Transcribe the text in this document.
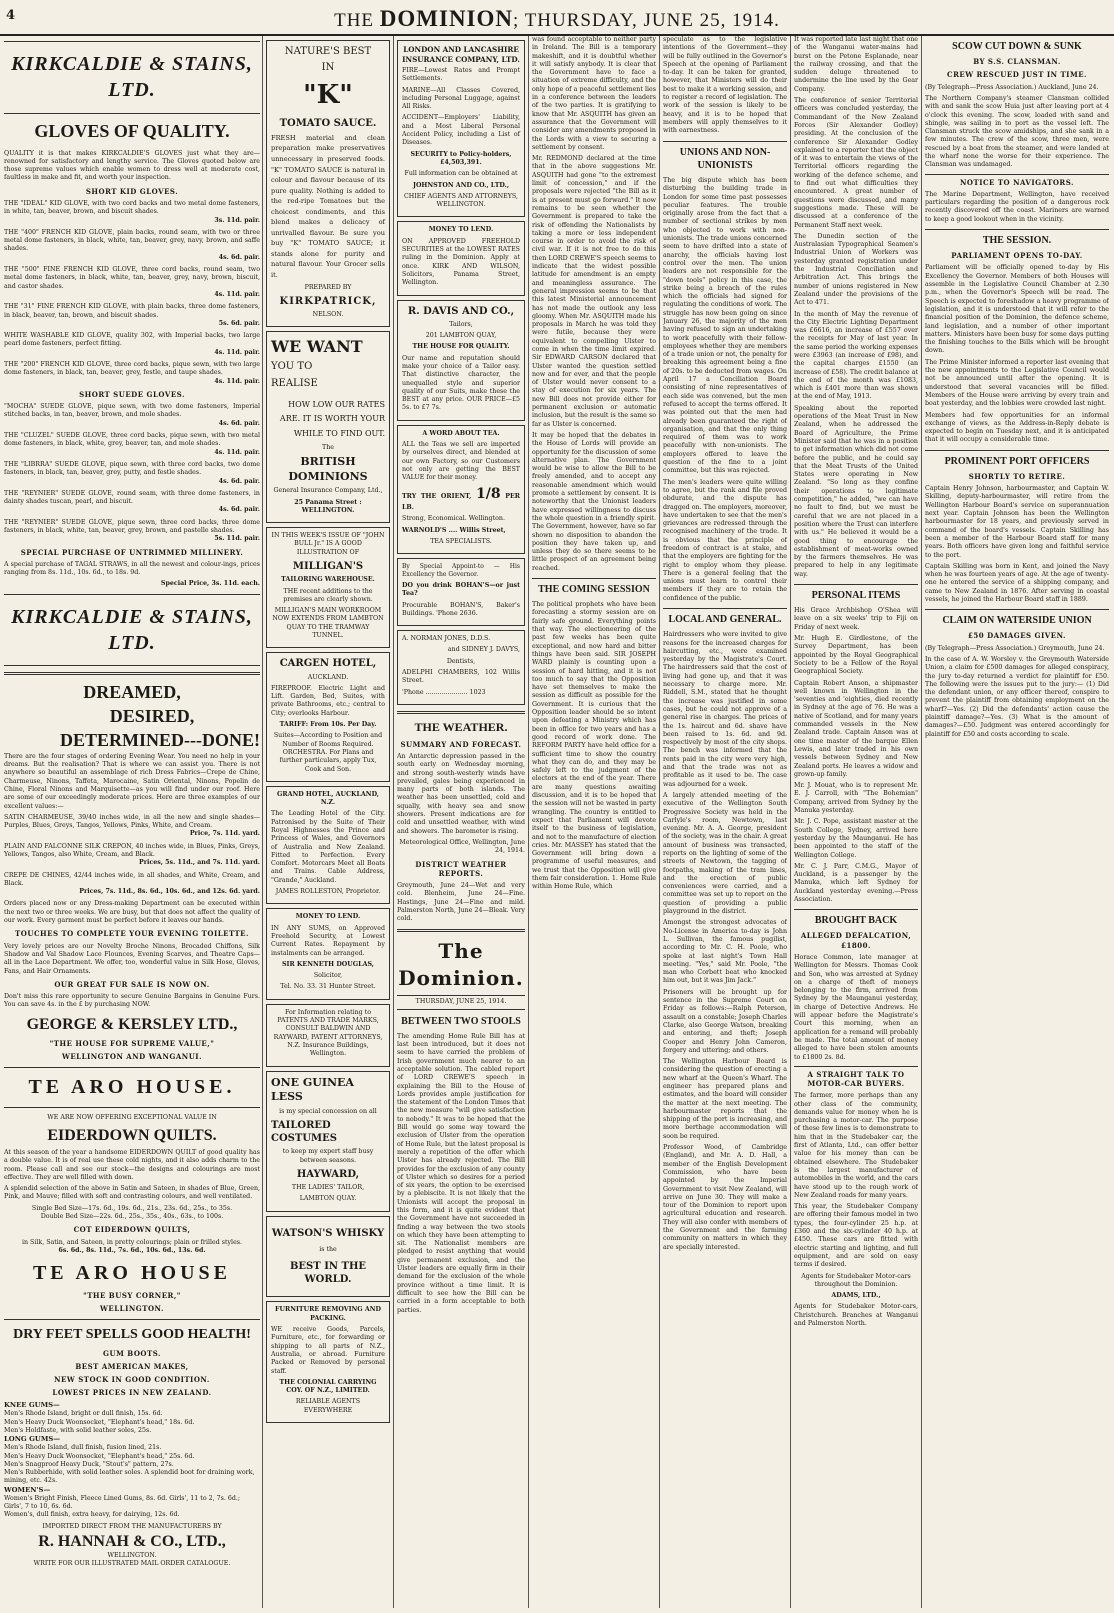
4	THE DOMINION; THURSDAY, JUNE 25, 1914.
KIRKCALDIE & STAINS, LTD.
GLOVES OF QUALITY.

QUALITY it is that makes KIRKCALDIE'S GLOVES just what they are—renowned for satisfactory and lengthy service. The Gloves quoted below are those supreme values which enable women to dress well at moderate cost, faultless in make and fit, and worth your inspection.

SHORT KID GLOVES.
THE "IDEAL" KID GLOVE, with two cord backs and two metal dome fasteners, in white, tan, beaver, brown, and biscuit shades.
3s. 11d. pair.
THE "400" FRENCH KID GLOVE, plain backs, round seam, with two or three metal dome fasteners, in black, white, tan, beaver, grey, navy, brown, and saffe shades.
4s. 6d. pair.
THE "500" FINE FRENCH KID GLOVE, three cord backs, round seam, two metal dome fasteners, in black, white, tan, beaver, grey, navy, brown, biscuit, and castor shades.
4s. 11d. pair.
THE "31" FINE FRENCH KID GLOVE, with plain backs, three dome fasteners, in black, beaver, tan, brown, and biscuit shades.
5s. 6d. pair.
WHITE WASHABLE KID GLOVE, quality 302, with Imperial backs, two large pearl dome fasteners, perfect fitting.
4s. 11d. pair.
THE "200" FRENCH KID GLOVE, three cord backs, pique sewn, with two large dome fasteners, in black, tan, beaver, grey, festle, and taupe shades.
4s. 11d. pair.
SHORT SUEDE GLOVES.
"MOCHA" SUEDE GLOVE, pique sewn, with two dome fasteners, Imperial stitched backs, in tan, beaver, brown, and mole shades.
4s. 6d. pair.
THE "CLUZEL" SUEDE GLOVE, three cord backs, pique sewn, with two metal dome fasteners, in black, white, grey, beaver, tan, and mole shades.
4s. 11d. pair.
THE "LIBRRA" SUEDE GLOVE, pique sewn, with three cord backs, two dome fasteners, in black, tan, beaver, grey, putty, and festle shades.
4s. 6d. pair.
THE "REYNIER" SUEDE GLOVE, round seam, with three dome fasteners, in dainty shades tuscan, pearl, and biscuit.
4s. 6d. pair.
THE "REYNIER" SUEDE GLOVE, pique sewn, three cord backs, three dome fasteners, in black, white, tan, beaver, grey, brown, and pastelle shades.
5s. 11d. pair.
SPECIAL PURCHASE OF UNTRIMMED MILLINERY.

A special purchase of TAGAL STRAWS, in all the newest and colour-ings, prices ranging from 8s. 11d., 10s. 6d., to 18s. 9d.

Special Price, 3s. 11d. each.
KIRKCALDIE & STAINS, LTD.
DREAMED,
DESIRED,
DETERMINED---DONE!

There are the four stages of ordering Evening Wear. You need no help in your dreams. But the realisation? That is where we can assist you. There is not anywhere so beautiful an assemblage of rich Dress Fabrics—Crepe de Chine, Charmeuse, Ninons, Taffeta, Marocaine, Satin Oriental, Ninons, Popelin de Chine, Floral Ninons and Marquisette—as you will find under our roof. Here are some of our exceedingly moderate prices. Here are three examples of our excellent values:—

SATIN CHARMEUSE, 39/40 inches wide, in all the new and single shades—Purples, Blues, Greys, Tangos, Yellows, Pinks, White, and Cream.
Price, 7s. 11d. yard.
PLAIN AND FALCONNE SILK CREPON, 40 inches wide, in Blues, Pinks, Greys, Yellows, Tangos, also White, Cream, and Black.
Prices, 5s. 11d., and 7s. 11d. yard.
CREPE DE CHINES, 42/44 inches wide, in all shades, and White, Cream, and Black.
Prices, 7s. 11d., 8s. 6d., 10s. 6d., and 12s. 6d. yard.

Orders placed now or any Dress-making Department can be executed within the next two or three weeks. We are busy, but that does not affect the quality of our work. Every garment must be perfect before it leaves our hands.

TOUCHES TO COMPLETE YOUR EVENING TOILETTE.

Very lovely prices are our Novelty Broche Ninons, Brocaded Chiffons, Silk Shadow and Val Shadow Lace Flounces, Evening Scarves, and Theatre Caps—all in the Lace Department. We offer, too, wonderful value in Silk Hose, Gloves, Fans, and Hair Ornaments.

OUR GREAT FUR SALE IS NOW ON.

Don't miss this rare opportunity to secure Genuine Bargains in Genuine Furs. You can save 4s. in the £ by purchasing NOW.

GEORGE & KERSLEY LTD.,
"THE HOUSE FOR SUPREME VALUE,"
WELLINGTON AND WANGANUI.
TE ARO HOUSE.
WE ARE NOW OFFERING EXCEPTIONAL VALUE IN
EIDERDOWN QUILTS.

At this season of the year a handsome EIDERDOWN QUILT of good quality has a double value. It is of real use these cold nights, and it also adds charm to the room. Please call and see our stock—the designs and colourings are most effective. They are well filled with down.

A splendid selection of the above in Satin and Sateen, in shades of Blue, Green, Pink, and Mauve; filled with soft and contrasting colours, and well ventilated.

Single Bed Size—17s. 6d., 19s. 6d., 21s., 23s. 6d., 25s., to 35s.
Double Bed Size—22s. 6d., 25s., 35s., 40s., 63s., to 100s.
COT EIDERDOWN QUILTS,
in Silk, Satin, and Sateen, in pretty colourings; plain or frilled styles.
6s. 6d., 8s. 11d., 7s. 6d., 10s. 6d., 13s. 6d.
TE ARO HOUSE
"THE BUSY CORNER,"
WELLINGTON.
DRY FEET SPELLS GOOD HEALTH!
GUM BOOTS.
BEST AMERICAN MAKES,
NEW STOCK IN GOOD CONDITION.
LOWEST PRICES IN NEW ZEALAND.
KNEE GUMS—
Men's Rhode Island, bright or dull finish, 15s. 6d.
Men's Heavy Duck Woonsocket, "Elephant's head," 18s. 6d.
Men's Holdfaste, with solid leather soles, 25s.
LONG GUMS—
Men's Rhode Island, dull finish, fusion lined, 21s.
Men's Heavy Duck Woonsocket, "Elephant's head," 25s. 6d.
Men's Snagproof Heavy Duck, "Stout's" pattern, 27s.
Men's Rubberhide, with solid leather soles. A splendid boot for draining work, mining, etc. 42s.
WOMEN'S—
Women's Bright Finish, Fleece Lined Gums, 8s. 6d. Girls', 11 to 2, 7s. 6d.; Girls', 7 to 10, 6s. 6d.
Women's, dull finish, extra heavy, for dairying, 12s. 6d.
IMPORTED DIRECT FROM THE MANUFACTURERS BY
R. HANNAH & CO., LTD.,
WELLINGTON.
WRITE FOR OUR ILLUSTRATED MAIL ORDER CATALOGUE.

NATURE'S BEST

IN

"K"

TOMATO SAUCE.

FRESH material and clean preparation make preservatives unnecessary in preserved foods. "K" TOMATO SAUCE is natural in colour and flavour because of its pure quality. Nothing is added to the red-ripe Tomatoes but the choicest condiments, and this blend makes a delicacy of unrivalled flavour. Be sure you buy "K" TOMATO SAUCE; it stands alone for purity and natural flavour. Your Grocer sells it.

PREPARED BY

KIRKPATRICK,

NELSON.

WE WANT

YOU TO

REALISE

HOW LOW OUR RATES ARE. IT IS WORTH YOUR WHILE TO FIND OUT.

The

BRITISH DOMINIONS

General Insurance Company, Ltd.,

25 Panama Street : WELLINGTON.

IN THIS WEEK'S ISSUE OF "JOHN BULL Jr." IS A GOOD ILLUSTRATION OF

MILLIGAN'S

TAILORING WAREHOUSE.

THE recent additions to the premises are clearly shown.

MILLIGAN'S MAIN WORKROOM NOW EXTENDS FROM LAMBTON QUAY TO THE TRAMWAY TUNNEL.

CARGEN HOTEL,

AUCKLAND.

FIREPROOF. Electric Light and Lift. Garden, Bed, Suites, with private Bathrooms, etc.; central to City; overlooks Harbour.

TARIFF: From 10s. Per Day.

Suites—According to Position and Number of Rooms Required. ORCHESTRA. For Plans and further particulars, apply Tux, Cook and Son.

GRAND HOTEL, AUCKLAND, N.Z.

The Leading Hotel of the City. Patronised by the Suite of Their Royal Highnesses the Prince and Princess of Wales, and Governors of Australia and New Zealand. Fitted to Perfection. Every Comfort. Motorcars Meet all Boats and Trains. Cable Address, "Grande," Auckland.

JAMES ROLLESTON, Proprietor.

MONEY TO LEND.

IN ANY SUMS, on Approved Freehold Security, at Lowest Current Rates. Repayment by instalments can be arranged.

SIR KENNETH DOUGLAS,

Solicitor,

Tel. No. 33. 31 Hunter Street.

For Information relating to PATENTS AND TRADE MARKS, CONSULT BALDWIN AND RAYWARD, PATENT ATTORNEYS, N.Z. Insurance Buildings, Wellington.

ONE GUINEA LESS

is my special concession on all

TAILORED COSTUMES

to keep my expert staff busy between seasons.

HAYWARD,

THE LADIES' TAILOR,

LAMBTON QUAY.

WATSON'S WHISKY

is the

BEST IN THE WORLD.

FURNITURE REMOVING AND PACKING.

WE receive Goods, Parcels, Furniture, etc., for forwarding or shipping to all parts of N.Z., Australia, or abroad. Furniture Packed or Removed by personal staff.

THE COLONIAL CARRYING COY. OF N.Z., LIMITED.

RELIABLE AGENTS EVERYWHERE

LONDON AND LANCASHIRE INSURANCE COMPANY, LTD.

FIRE—Lowest Rates and Prompt Settlements.

MARINE—All Classes Covered, including Personal Luggage, against All Risks.

ACCIDENT—Employers' Liability, and a Most Liberal Personal Accident Policy, including a List of Diseases.

SECURITY to Policy-holders, £4,503,391.

Full information can be obtained at

JOHNSTON AND CO., LTD.,

CHIEF AGENTS AND ATTORNEYS, WELLINGTON.

MONEY TO LEND.

ON APPROVED FREEHOLD SECURITIES at the LOWEST RATES ruling in the Dominion. Apply at once. KIRK AND WILSON, Solicitors, Panama Street, Wellington.

R. DAVIS AND CO.,

Tailors,

201 LAMBTON QUAY,

THE HOUSE FOR QUALITY.

Our name and reputation should make your choice of a Tailor easy. That distinctive character, the unequalled style and superior quality of our Suits, make these the BEST at any price. OUR PRICE—£5 5s. to £7 7s.

A WORD ABOUT TEA.

ALL the Teas we sell are imported by ourselves direct, and blended at our own Factory, so our Customers not only are getting the BEST VALUE for their money.

TRY THE ORIENT, 1/8 PER LB.

Strong, Economical. Wellington.

WARNOLD'S .... Willis Street,

TEA SPECIALISTS.

By Special Appoint-to — His Excellency the Governor.

DO you drink BOHAN'S—or just Tea?

Procurable BOHAN'S, Baker's Buildings. 'Phone 2636.

A. NORMAN JONES, D.D.S.

and SIDNEY J. DAVYS,

Dentists,

ADELPHI CHAMBERS, 102 Willis Street.

'Phone ..................... 1023

THE WEATHER.
SUMMARY AND FORECAST.

An Antarctic depression passed in the south early on Wednesday morning, and strong south-westerly winds have prevailed, gales being experienced in many parts of both islands. The weather has been unsettled, cold and squally, with heavy sea and snow showers. Present indications are for cold and unsettled weather, with wind and showers. The barometer is rising.

Meteorological Office, Wellington, June 24, 1914.

DISTRICT WEATHER REPORTS.

Greymouth, June 24—Wet and very cold. Blenheim, June 24—Fine. Hastings, June 24—Fine and mild. Palmerston North, June 24—Bleak. Very cold.

The Dominion.
THURSDAY, JUNE 25, 1914.
BETWEEN TWO STOOLS

The amending Home Rule Bill has at last been introduced, but it does not seem to have carried the problem of Irish government much nearer to an acceptable solution. The cabled report of LORD CREWE'S speech in explaining the Bill to the House of Lords provides ample justification for the statement of the London Times that the new measure "will give satisfaction to nobody." It was to be hoped that the Bill would go some way toward the exclusion of Ulster from the operation of Home Rule, but the latest proposal is merely a repetition of the offer which Ulster has already rejected. The Bill provides for the exclusion of any county of Ulster which so desires for a period of six years, the option to be exercised by a plebiscite. It is not likely that the Unionists will accept the proposal in this form, and it is quite evident that the Government have not succeeded in finding a way between the two stools on which they have been attempting to sit. The Nationalist members are pledged to resist anything that would give permanent exclusion, and the Ulster leaders are equally firm in their demand for the exclusion of the whole province without a time limit. It is difficult to see how the Bill can be carried in a form acceptable to both parties.

was found acceptable to neither party in Ireland. The Bill is a temporary makeshift, and it is doubtful whether it will satisfy anybody. It is clear that the Government have to face a situation of extreme difficulty, and the only hope of a peaceful settlement lies in a conference between the leaders of the two parties. It is gratifying to know that Mr. ASQUITH has given an assurance that the Government will consider any amendments proposed in the Lords with a view to securing a settlement by consent.

Mr. REDMOND declared at the time that in the above suggestions Mr. ASQUITH had gone "to the extremest limit of concession," and if the proposals were rejected "the Bill as it is at present must go forward." It now remains to be seen whether the Government is prepared to take the risk of offending the Nationalists by taking a more or less independent course in order to avoid the risk of civil war. If it is not free to do this then LORD CREWE'S speech seems to indicate that the widest possible latitude for amendment is an empty and meaningless assurance. The general impression seems to be that this latest Ministerial announcement has not made the outlook any less gloomy. When Mr. ASQUITH made his proposals in March he was told they were futile, because they were equivalent to compelling Ulster to come in when the time limit expired. Sir EDWARD CARSON declared that Ulster wanted the question settled now and for ever, and that the people of Ulster would never consent to a stay of execution for six years. The new Bill does not provide either for permanent exclusion or automatic inclusion, but the result is the same so far as Ulster is concerned.

It may be hoped that the debates in the House of Lords will provide an opportunity for the discussion of some alternative plan. The Government would be wise to allow the Bill to be freely amended, and to accept any reasonable amendment which would promote a settlement by consent. It is noteworthy that the Unionist leaders have expressed willingness to discuss the whole question in a friendly spirit. The Government, however, have so far shown no disposition to abandon the position they have taken up, and unless they do so there seems to be little prospect of an agreement being reached.

THE COMING SESSION

The political prophets who have been forecasting a stormy session are on fairly safe ground. Everything points that way. The electioneering of the past few weeks has been quite exceptional, and now hard and bitter things have been said. SIR JOSEPH WARD plainly is counting upon a session of hard hitting, and it is not too much to say that the Opposition have set themselves to make the session as difficult as possible for the Government. It is curious that the Opposition leader should be so intent upon defeating a Ministry which has been in office for two years and has a good record of work done. The REFORM PARTY have held office for a sufficient time to show the country what they can do, and they may be safely left to the judgment of the electors at the end of the year. There are many questions awaiting discussion, and it is to be hoped that the session will not be wasted in party wrangling. The country is entitled to expect that Parliament will devote itself to the business of legislation, and not to the manufacture of election cries. Mr. MASSEY has stated that the Government will bring down a programme of useful measures, and we trust that the Opposition will give them fair consideration. 1. Home Rule within Home Rule, which

speculate as to the legislative intentions of the Government—they will be fully outlined in the Governor's Speech at the opening of Parliament to-day. It can be taken for granted, however, that Ministers will do their best to make it a working session, and to register a record of legislation. The work of the session is likely to be heavy, and it is to be hoped that members will apply themselves to it with earnestness.

UNIONS AND NON-UNIONISTS

The big dispute which has been disturbing the building trade in London for some time past possesses peculiar features. The trouble originally arose from the fact that a number of sectional strikes by men who objected to work with non-unionists. The trade unions concerned seem to have drifted into a state of anarchy, the officials having lost control over the men. The union leaders are not responsible for the "down tools" policy in this case, the strike being a breach of the rules which the officials had signed for regulating the conditions of work. The struggle has now been going on since January 26, the majority of the men having refused to sign an undertaking to work peacefully with their fellow-employees whether they are members of a trade union or not, the penalty for breaking this agreement being a fine of 20s. to be deducted from wages. On April 17 a Conciliation Board consisting of nine representatives of each side was convened, but the men refused to accept the terms offered. It was pointed out that the men had already been guaranteed the right of organisation, and that the only thing required of them was to work peacefully with non-unionists. The employers offered to leave the question of the fine to a joint committee, but this was rejected.

The men's leaders were quite willing to agree, but the rank and file proved obdurate, and the dispute has dragged on. The employers, moreover, have undertaken to see that the men's grievances are redressed through the recognised machinery of the trade. It is obvious that the principle of freedom of contract is at stake, and that the employers are fighting for the right to employ whom they please. There is a general feeling that the unions must learn to control their members if they are to retain the confidence of the public.

LOCAL AND GENERAL.

Hairdressers who were invited to give reasons for the increased charges for haircutting, etc., were examined yesterday by the Magistrate's Court. The hairdressers said that the cost of living had gone up, and that it was necessary to charge more. Mr. Riddell, S.M., stated that he thought the increase was justified in some cases, but he could not approve of a general rise in charges. The prices of the 1s. haircut and 6d. shave have been raised to 1s. 6d. and 9d. respectively by most of the city shops. The bench was informed that the rents paid in the city were very high, and that the trade was not as profitable as it used to be. The case was adjourned for a week.

A largely attended meeting of the executive of the Wellington South Progressive Society was held in the Carlyle's room, Newtown, last evening. Mr. A. A. George, president of the society, was in the chair. A great amount of business was transacted, reports on the lighting of some of the streets of Newtown, the tagging of footpaths, making of the tram lines, and the erection of public conveniences were carried, and a committee was set up to report on the question of providing a public playground in the district.

Amongst the strongest advocates of No-License in America to-day is John L. Sullivan, the famous pugilist, according to Mr. C. H. Poole, who spoke at last night's Town Hall meeting. "Yes," said Mr. Poole, "the man who Corbett beat who knocked him out, but it was Jim Jack."

Prisoners will be brought up for sentence in the Supreme Court on Friday as follows:—Ralph Peterson, assault on a constable; Joseph Charles Clarke, also George Watson, breaking and entering, and theft; Joseph Cooper and Henry John Cameron, forgery and uttering; and others.

The Wellington Harbour Board is considering the question of erecting a new wharf at the Queen's Wharf. The engineer has prepared plans and estimates, and the board will consider the matter at the next meeting. The harbourmaster reports that the shipping of the port is increasing, and more berthage accommodation will soon be required.

Professor Wood, of Cambridge (England), and Mr. A. D. Hall, a member of the English Development Commission, who have been appointed by the Imperial Government to visit New Zealand, will arrive on June 30. They will make a tour of the Dominion to report upon agricultural education and research. They will also confer with members of the Government and the farming community on matters in which they are specially interested.

It was reported late last night that one of the Wanganui water-mains had burst on the Petone Esplanade, near the railway crossing, and that the sudden deluge threatened to undermine the line used by the Gear Company.

The conference of senior Territorial officers was concluded yesterday, the Commandant of the New Zealand Forces (Sir Alexander Godley) presiding. At the conclusion of the conference Sir Alexander Godley explained to a reporter that the object of it was to entertain the views of the Territorial officers regarding the working of the defence scheme, and to find out what difficulties they encountered. A great number of questions were discussed, and many suggestions made. These will be discussed at a conference of the Permanent Staff next week.

The Dunedin section of the Australasian Typographical Seamen's Industrial Union of Workers was yesterday granted registration under the Industrial Conciliation and Arbitration Act. This brings the number of unions registered in New Zealand under the provisions of the Act to 471.

In the month of May the revenue of the City Electric Lighting Department was £6616, an increase of £557 over the receipts for May of last year. In the same period the working expenses were £3963 (an increase of £98), and the capital charges £1550 (an increase of £58). The credit balance at the end of the month was £1083, which is £401 more than was shown at the end of May, 1913.

Speaking about the reported operations of the Meat Trust in New Zealand, when he addressed the Board of Agriculture, the Prime Minister said that he was in a position to get information which did not come before the public, and he could say that the Meat Trusts of the United States were operating in New Zealand. "So long as they confine their operations to legitimate competition," he added, "we can have no fault to find, but we must be careful that we are not placed in a position where the Trust can interfere with us." He believed it would be a good thing to encourage the establishment of meat-works owned by the farmers themselves. He was prepared to help in any legitimate way.

PERSONAL ITEMS

His Grace Archbishop O'Shea will leave on a six weeks' trip to Fiji on Friday of next week.

Mr. Hugh E. Girdlestone, of the Survey Department, has been appointed by the Royal Geographical Society to be a Fellow of the Royal Geographical Society.

Captain Robert Anson, a shipmaster well known in Wellington in the 'seventies and 'eighties, died recently in Sydney at the age of 76. He was a native of Scotland, and for many years commanded vessels in the New Zealand trade. Captain Anson was at one time master of the barque Ellen Lewis, and later traded in his own vessels between Sydney and New Zealand ports. He leaves a widow and grown-up family.

Mr. J. Mouat, who is to represent Mr. E. J. Carroll, with "The Bohemian" Company, arrived from Sydney by the Manuka yesterday.

Mr. J. C. Pope, assistant master at the South College, Sydney, arrived here yesterday by the Maunganui. He has been appointed to the staff of the Wellington College.

Mr. C. J. Parr, C.M.G., Mayor of Auckland, is a passenger by the Manuka, which left Sydney for Auckland yesterday evening.—Press Association.

BROUGHT BACK
ALLEGED DEFALCATION, £1800.

Horace Common, late manager at Wellington for Messrs. Thomas Cook and Son, who was arrested at Sydney on a charge of theft of moneys belonging to the firm, arrived from Sydney by the Maunganui yesterday, in charge of Detective Andrews. He will appear before the Magistrate's Court this morning, when an application for a remand will probably be made. The total amount of money alleged to have been stolen amounts to £1800 2s. 8d.

A STRAIGHT TALK TO MOTOR-CAR BUYERS.

The farmer, more perhaps than any other class of the community, demands value for money when he is purchasing a motor-car. The purpose of these few lines is to demonstrate to him that in the Studebaker car, the first of Atlanta, Ltd., can offer better value for his money than can be obtained elsewhere. The Studebaker is the largest manufacturer of automobiles in the world, and the cars have stood up to the rough work of New Zealand roads for many years.

This year, the Studebaker Company are offering their famous model in two types, the four-cylinder 25 h.p. at £360 and the six-cylinder 40 h.p. at £450. These cars are fitted with electric starting and lighting, and full equipment, and are sold on easy terms if desired.

Agents for Studebaker Motor-cars throughout the Dominion.

ADAMS, LTD.,

Agents for Studebaker Motor-cars, Christchurch. Branches at Wanganui and Palmerston North.

SCOW CUT DOWN & SUNK
BY S.S. CLANSMAN.
CREW RESCUED JUST IN TIME.

(By Telegraph—Press Association.) Auckland, June 24.

The Northern Company's steamer Clansman collided with and sank the scow Huia just after leaving port at 4 o'clock this evening. The scow, loaded with sand and shingle, was sailing in to port as the vessel left. The Clansman struck the scow amidships, and she sank in a few minutes. The crew of the scow, three men, were rescued by a boat from the steamer, and were landed at the wharf none the worse for their experience. The Clansman was undamaged.

NOTICE TO NAVIGATORS.

The Marine Department, Wellington, have received particulars regarding the position of a dangerous rock recently discovered off the coast. Mariners are warned to keep a good lookout when in the vicinity.

THE SESSION.
PARLIAMENT OPENS TO-DAY.

Parliament will be officially opened to-day by His Excellency the Governor. Members of both Houses will assemble in the Legislative Council Chamber at 2.30 p.m., when the Governor's Speech will be read. The Speech is expected to foreshadow a heavy programme of legislation, and it is understood that it will refer to the financial position of the Dominion, the defence scheme, land legislation, and a number of other important matters. Ministers have been busy for some days putting the finishing touches to the Bills which will be brought down.

The Prime Minister informed a reporter last evening that the new appointments to the Legislative Council would not be announced until after the opening. It is understood that several vacancies will be filled. Members of the House were arriving by every train and boat yesterday, and the lobbies were crowded last night.

Members had few opportunities for an informal exchange of views, as the Address-in-Reply debate is expected to begin on Tuesday next, and it is anticipated that it will occupy a considerable time.

PROMINENT PORT OFFICERS
SHORTLY TO RETIRE.

Captain Henry Johnson, harbourmaster, and Captain W. Skilling, deputy-harbourmaster, will retire from the Wellington Harbour Board's service on superannuation next year. Captain Johnson has been the Wellington harbourmaster for 18 years, and previously served in command of the board's vessels. Captain Skilling has been a member of the Harbour Board staff for many years. Both officers have given long and faithful service to the port.

Captain Skilling was born in Kent, and joined the Navy when he was fourteen years of age. At the age of twenty-one he entered the service of a shipping company, and came to New Zealand in 1876. After serving in coastal vessels, he joined the Harbour Board staff in 1889.

CLAIM ON WATERSIDE UNION
£50 DAMAGES GIVEN.

(By Telegraph—Press Association.) Greymouth, June 24.

In the case of A. W. Worsley v. the Greymouth Waterside Union, a claim for £500 damages for alleged conspiracy, the jury to-day returned a verdict for plaintiff for £50. The following were the issues put to the jury:— (1) Did the defendant union, or any officer thereof, conspire to prevent the plaintiff from obtaining employment on the wharf?—Yes. (2) Did the defendants' action cause the plaintiff damage?—Yes. (3) What is the amount of damages?—£50. Judgment was entered accordingly for plaintiff for £50 and costs according to scale.
